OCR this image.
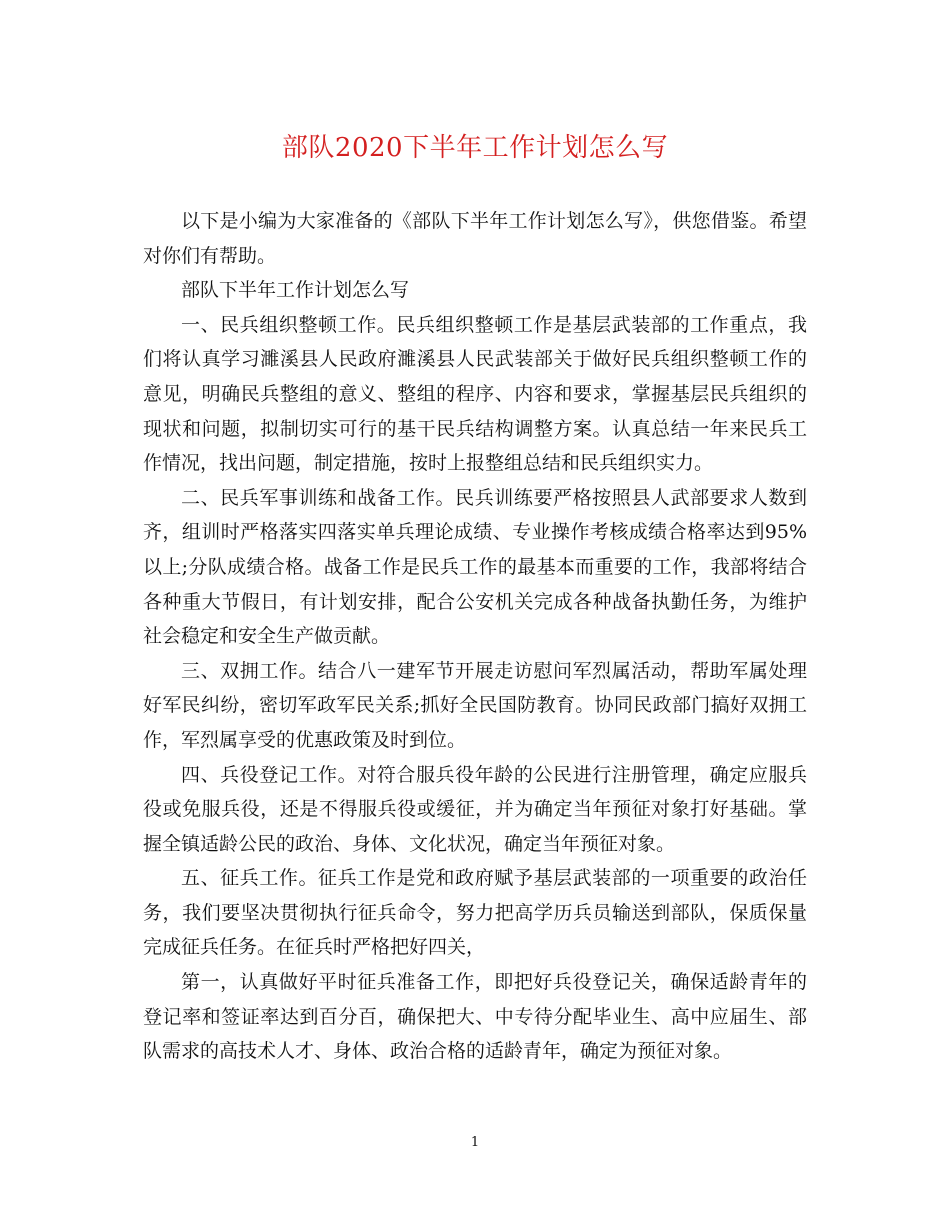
部队2020下半年工作计划怎么写

以下是小编为大家准备的《部队下半年工作计划怎么写》，供您借鉴。希望对你们有帮助。

部队下半年工作计划怎么写

一、民兵组织整顿工作。民兵组织整顿工作是基层武装部的工作重点，我们将认真学习濉溪县人民政府濉溪县人民武装部关于做好民兵组织整顿工作的意见，明确民兵整组的意义、整组的程序、内容和要求，掌握基层民兵组织的现状和问题，拟制切实可行的基干民兵结构调整方案。认真总结一年来民兵工作情况，找出问题，制定措施，按时上报整组总结和民兵组织实力。

二、民兵军事训练和战备工作。民兵训练要严格按照县人武部要求人数到齐，组训时严格落实四落实单兵理论成绩、专业操作考核成绩合格率达到95%以上;分队成绩合格。战备工作是民兵工作的最基本而重要的工作，我部将结合各种重大节假日，有计划安排，配合公安机关完成各种战备执勤任务，为维护社会稳定和安全生产做贡献。

三、双拥工作。结合八一建军节开展走访慰问军烈属活动，帮助军属处理好军民纠纷，密切军政军民关系;抓好全民国防教育。协同民政部门搞好双拥工作，军烈属享受的优惠政策及时到位。

四、兵役登记工作。对符合服兵役年龄的公民进行注册管理，确定应服兵役或免服兵役，还是不得服兵役或缓征，并为确定当年预征对象打好基础。掌握全镇适龄公民的政治、身体、文化状况，确定当年预征对象。

五、征兵工作。征兵工作是党和政府赋予基层武装部的一项重要的政治任务，我们要坚决贯彻执行征兵命令，努力把高学历兵员输送到部队，保质保量完成征兵任务。在征兵时严格把好四关，

第一，认真做好平时征兵准备工作，即把好兵役登记关，确保适龄青年的登记率和签证率达到百分百，确保把大、中专待分配毕业生、高中应届生、部队需求的高技术人才、身体、政治合格的适龄青年，确定为预征对象。

1
